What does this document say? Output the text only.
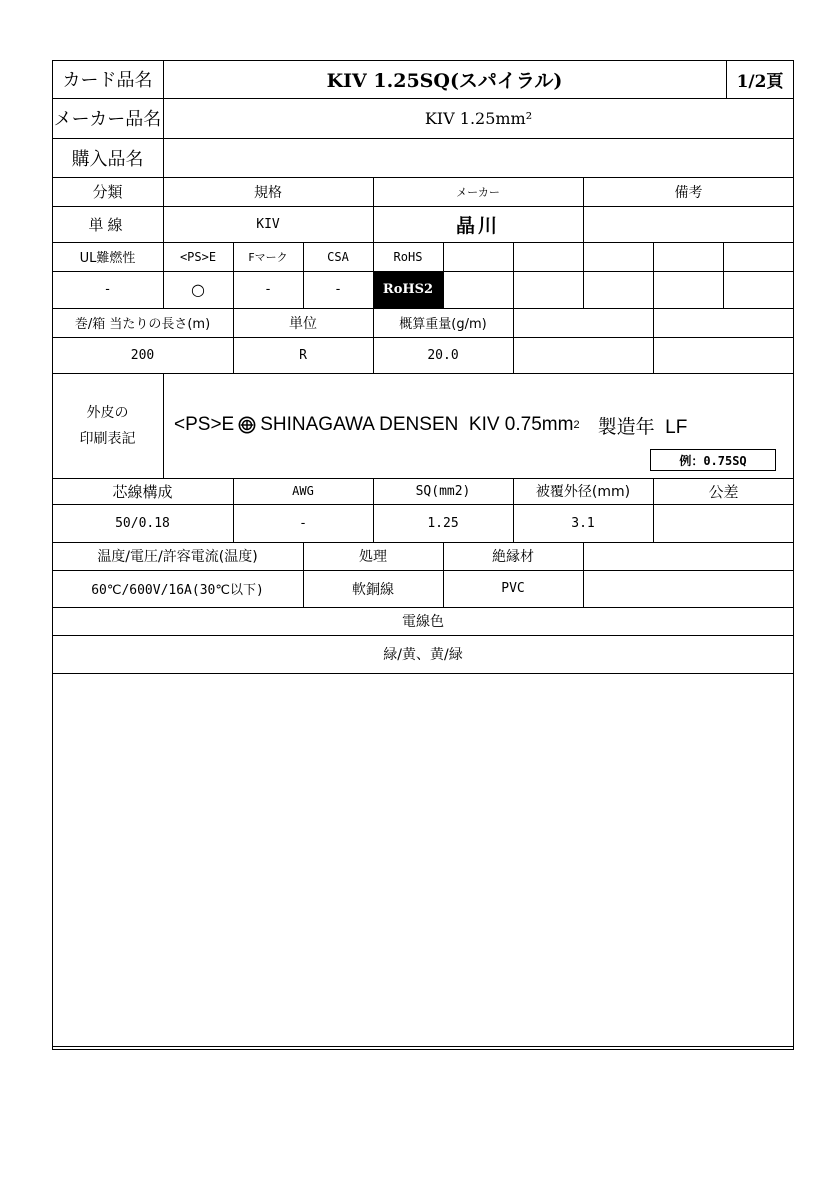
カード品名	KIV 1.25SQ(スパイラル)	1/2頁
メーカー品名	KIV 1.25mm²
購入品名
分類	規格	メーカー	備考
単線	KIV	晶川
UL難燃性	<PS>E	Fマーク	CSA	RoHS
-	○	-	-	RoHS2
巻/箱 当たりの長さ(m)	単位	概算重量(g/m)
200	R	20.0
外皮の
印刷表記
<PS>E SHINAGAWA DENSEN  KIV 0.75mm 2 製造年  LF
例：0.75SQ
芯線構成	AWG	SQ(mm2)	被覆外径(mm)	公差
50/0.18	-	1.25	3.1
温度/電圧/許容電流(温度)	処理	絶縁材
60℃/600V/16A(30℃以下)	軟銅線	PVC
電線色
緑/黄、黄/緑
